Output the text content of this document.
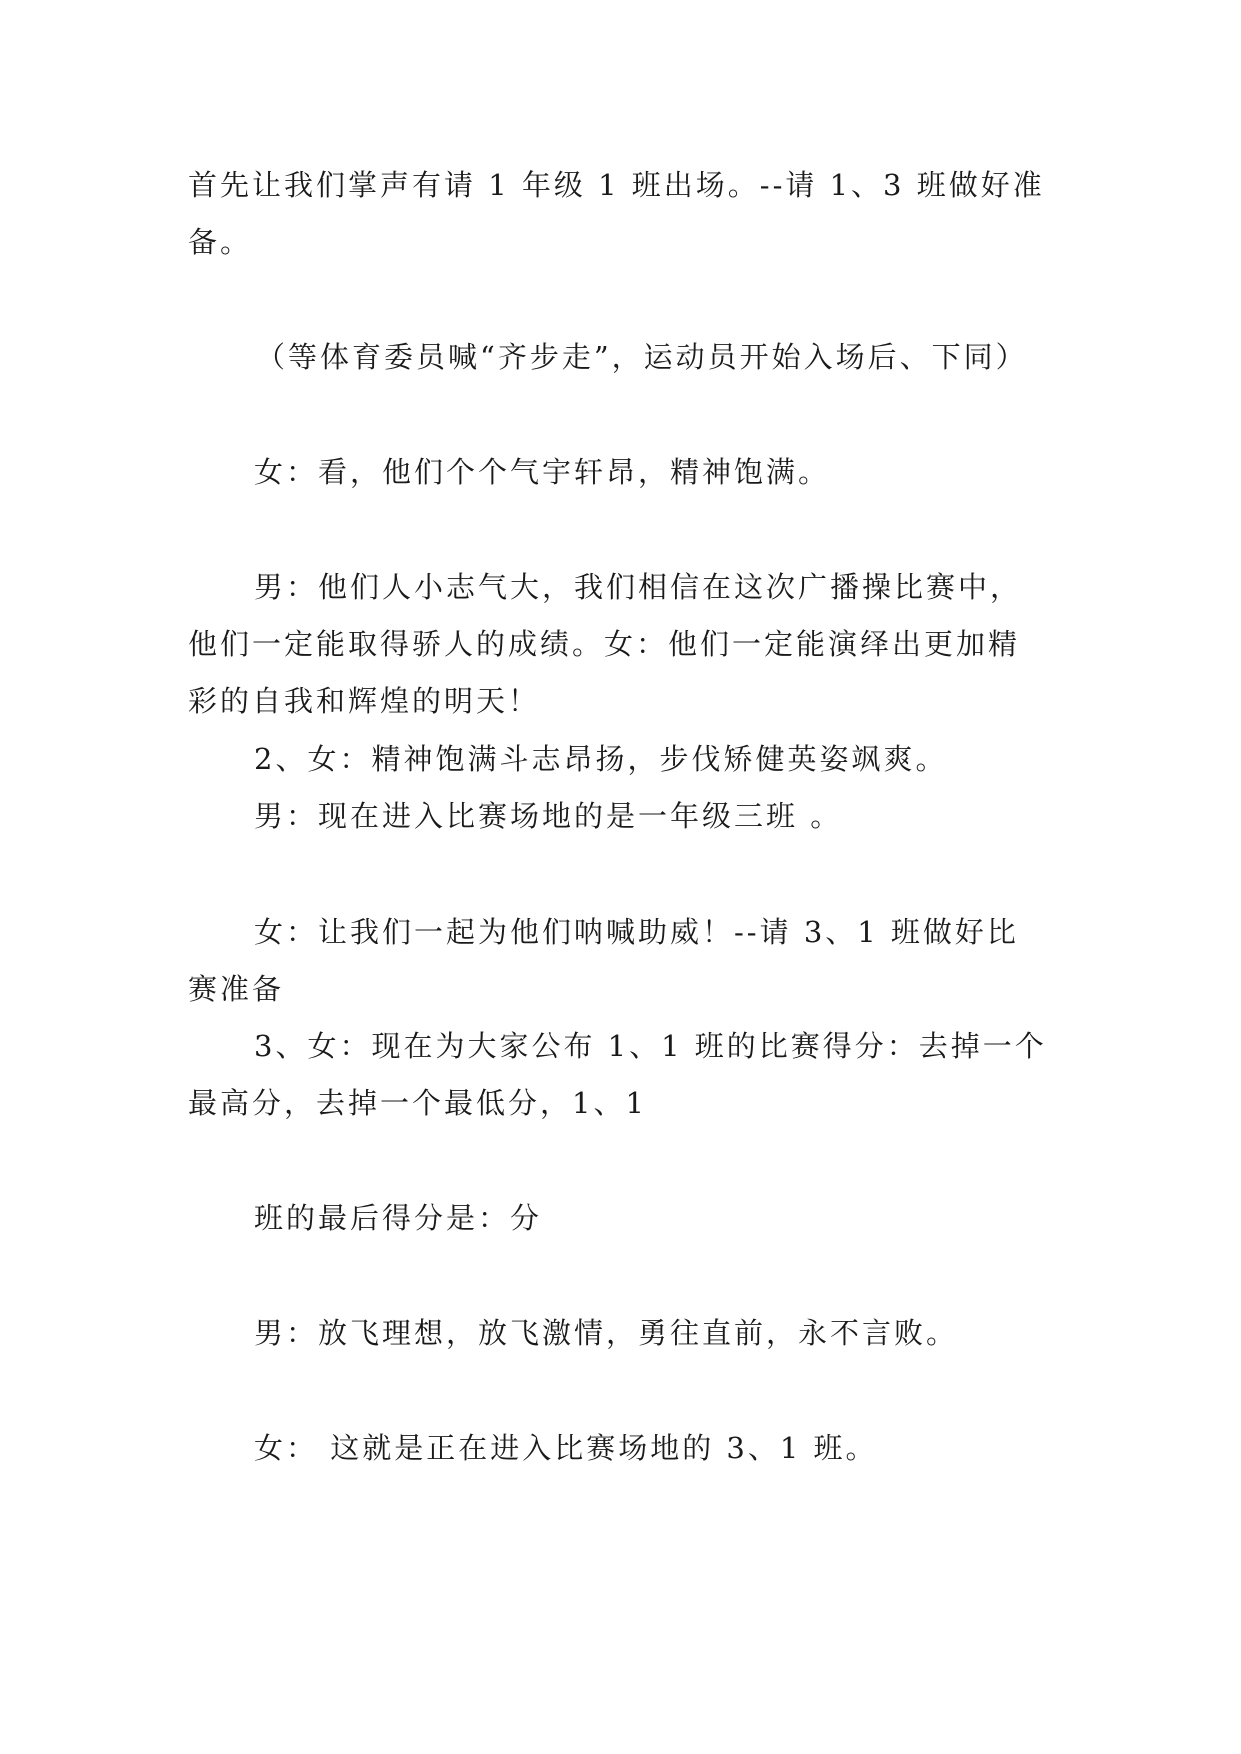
首先让我们掌声有请 1 年级 1 班出场。--请 1、3 班做好准
备。
（等体育委员喊“齐步走”，运动员开始入场后、下同）
女：看，他们个个气宇轩昂，精神饱满。
男：他们人小志气大，我们相信在这次广播操比赛中，
他们一定能取得骄人的成绩。女：他们一定能演绎出更加精
彩的自我和辉煌的明天！
2、女：精神饱满斗志昂扬，步伐矫健英姿飒爽。
男：现在进入比赛场地的是一年级三班 。
女：让我们一起为他们呐喊助威！--请 3、1 班做好比
赛准备
3、女：现在为大家公布 1、1 班的比赛得分：去掉一个
最高分，去掉一个最低分，1、1
班的最后得分是：分
男：放飞理想，放飞激情，勇往直前，永不言败。
女： 这就是正在进入比赛场地的 3、1 班。
